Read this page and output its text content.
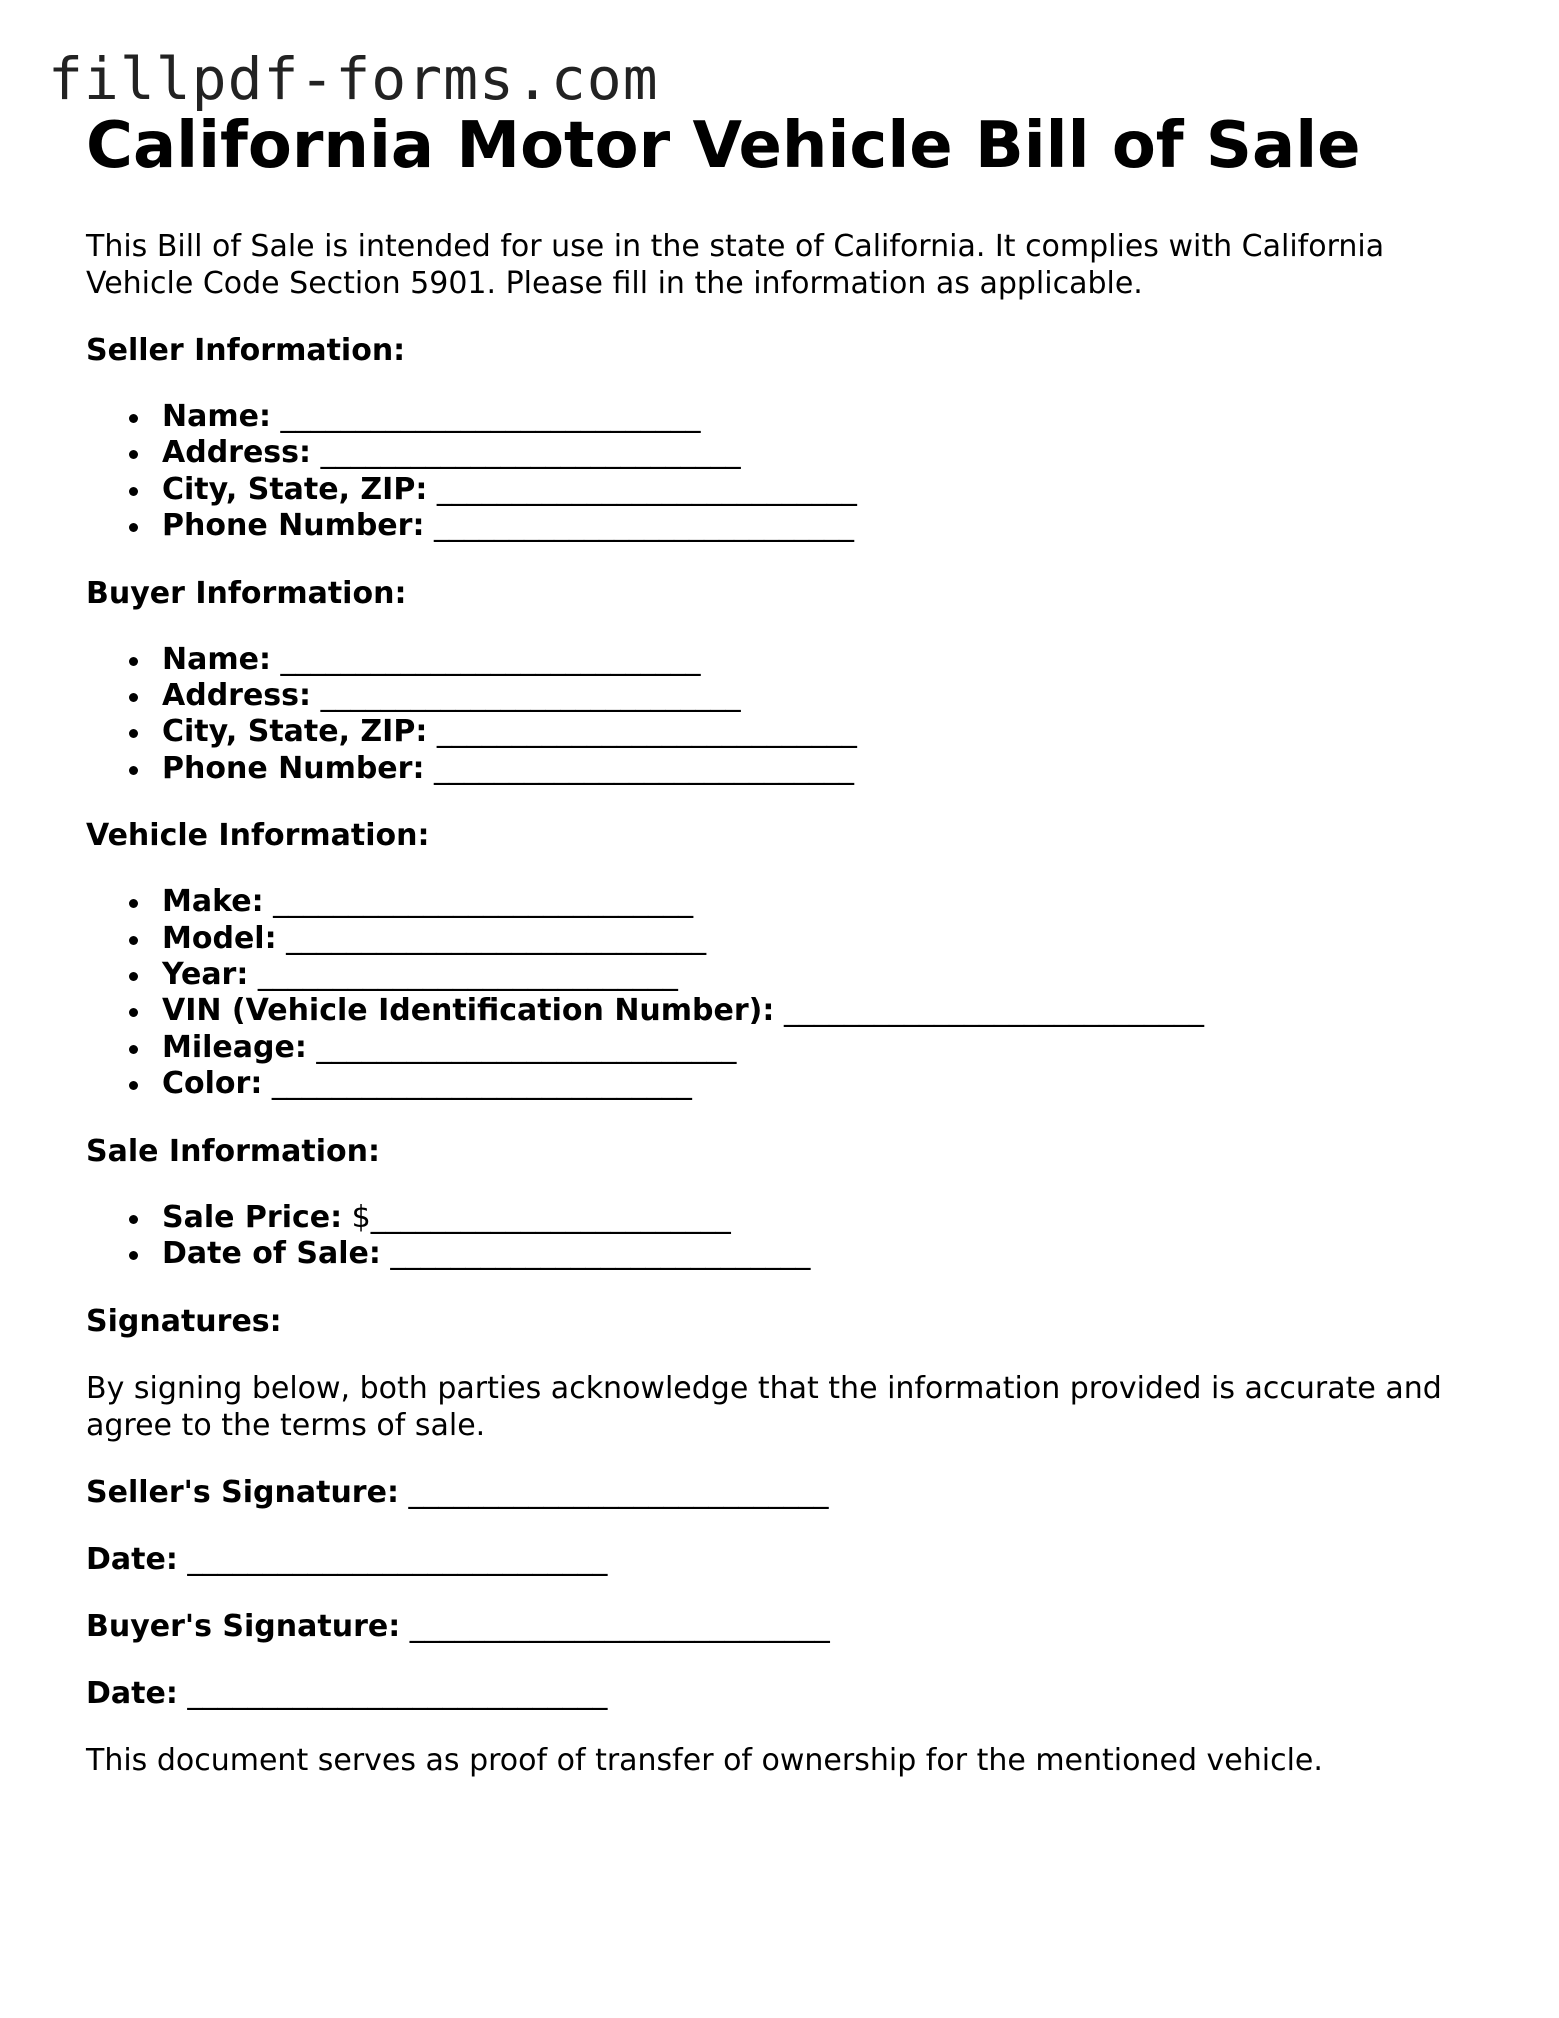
fillpdf-forms.com
California Motor Vehicle Bill of Sale

This Bill of Sale is intended for use in the state of California. It complies with California Vehicle Code Section 5901. Please fill in the information as applicable.

Seller Information:
Name: ____________________________
Address: ____________________________
City, State, ZIP: ____________________________
Phone Number: ____________________________
Buyer Information:
Name: ____________________________
Address: ____________________________
City, State, ZIP: ____________________________
Phone Number: ____________________________
Vehicle Information:
Make: ____________________________
Model: ____________________________
Year: ____________________________
VIN (Vehicle Identification Number): ____________________________
Mileage: ____________________________
Color: ____________________________
Sale Information:
Sale Price: $________________________
Date of Sale: ____________________________
Signatures:

By signing below, both parties acknowledge that the information provided is accurate and agree to the terms of sale.

Seller's Signature: ____________________________
Date: ____________________________
Buyer's Signature: ____________________________
Date: ____________________________

This document serves as proof of transfer of ownership for the mentioned vehicle.
